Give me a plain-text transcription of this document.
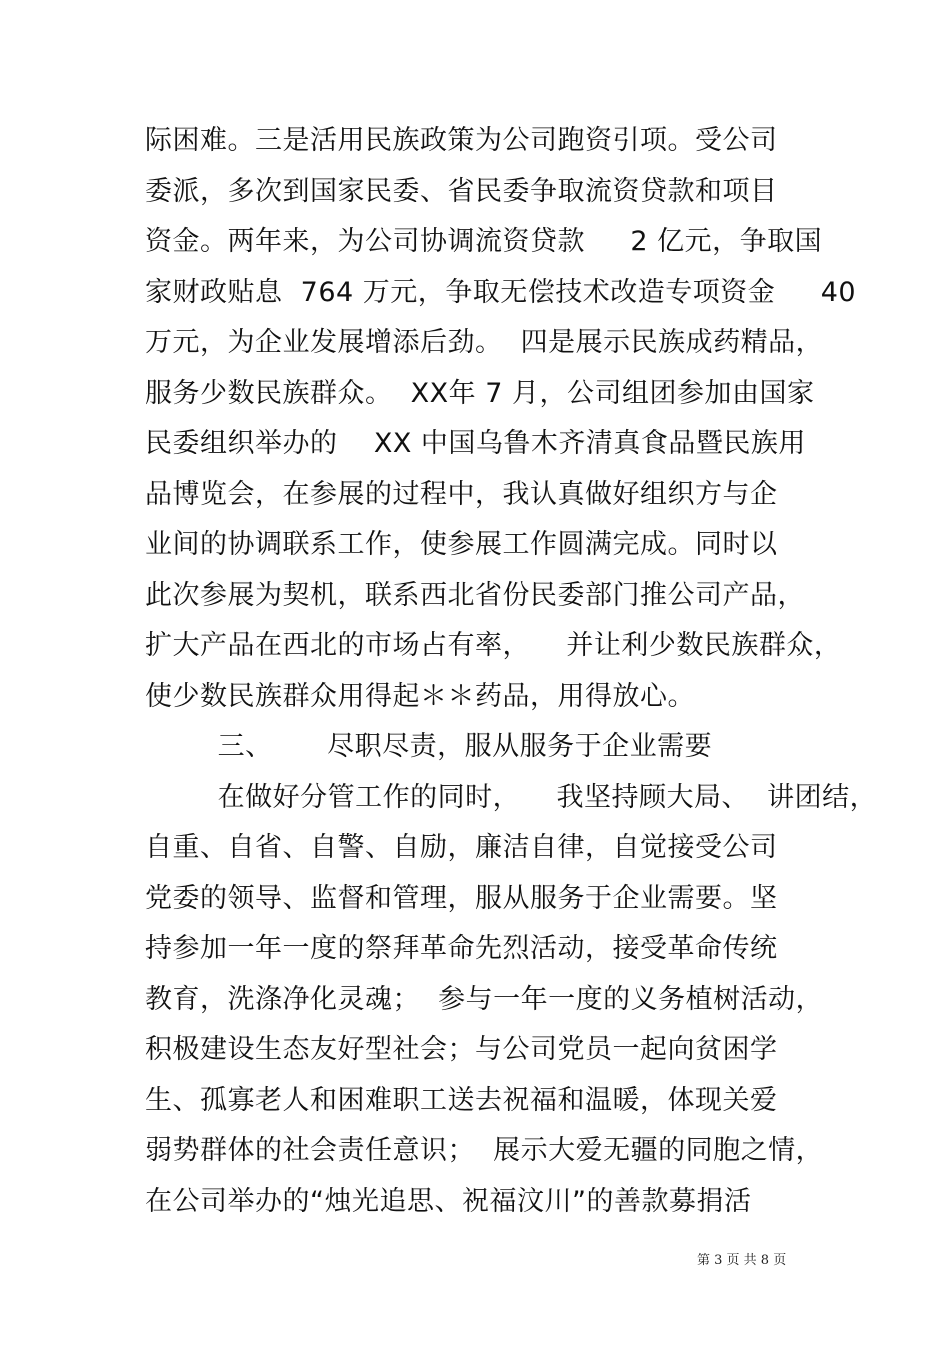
际困难。三是活用民族政策为公司跑资引项。受公司
委派，多次到国家民委、省民委争取流资贷款和项目
资金。两年来，为公司协调流资贷款     2 亿元，争取国
家财政贴息  764 万元，争取无偿技术改造专项资金     40
万元，为企业发展增添后劲。  四是展示民族成药精品，
服务少数民族群众。  XX年 7 月，公司组团参加由国家
民委组织举办的    XX 中国乌鲁木齐清真食品暨民族用
品博览会，在参展的过程中，我认真做好组织方与企
业间的协调联系工作，使参展工作圆满完成。同时以
此次参展为契机，联系西北省份民委部门推公司产品，
扩大产品在西北的市场占有率，    并让利少数民族群众，
使少数民族群众用得起＊＊药品，用得放心。
三、      尽职尽责，服从服务于企业需要
在做好分管工作的同时，    我坚持顾大局、  讲团结，
自重、自省、自警、自励，廉洁自律，自觉接受公司
党委的领导、监督和管理，服从服务于企业需要。坚
持参加一年一度的祭拜革命先烈活动，接受革命传统
教育，洗涤净化灵魂；  参与一年一度的义务植树活动，
积极建设生态友好型社会；与公司党员一起向贫困学
生、孤寡老人和困难职工送去祝福和温暖，体现关爱
弱势群体的社会责任意识；  展示大爱无疆的同胞之情，
在公司举办的“烛光追思、祝福汶川”的善款募捐活
第 3 页 共 8 页
